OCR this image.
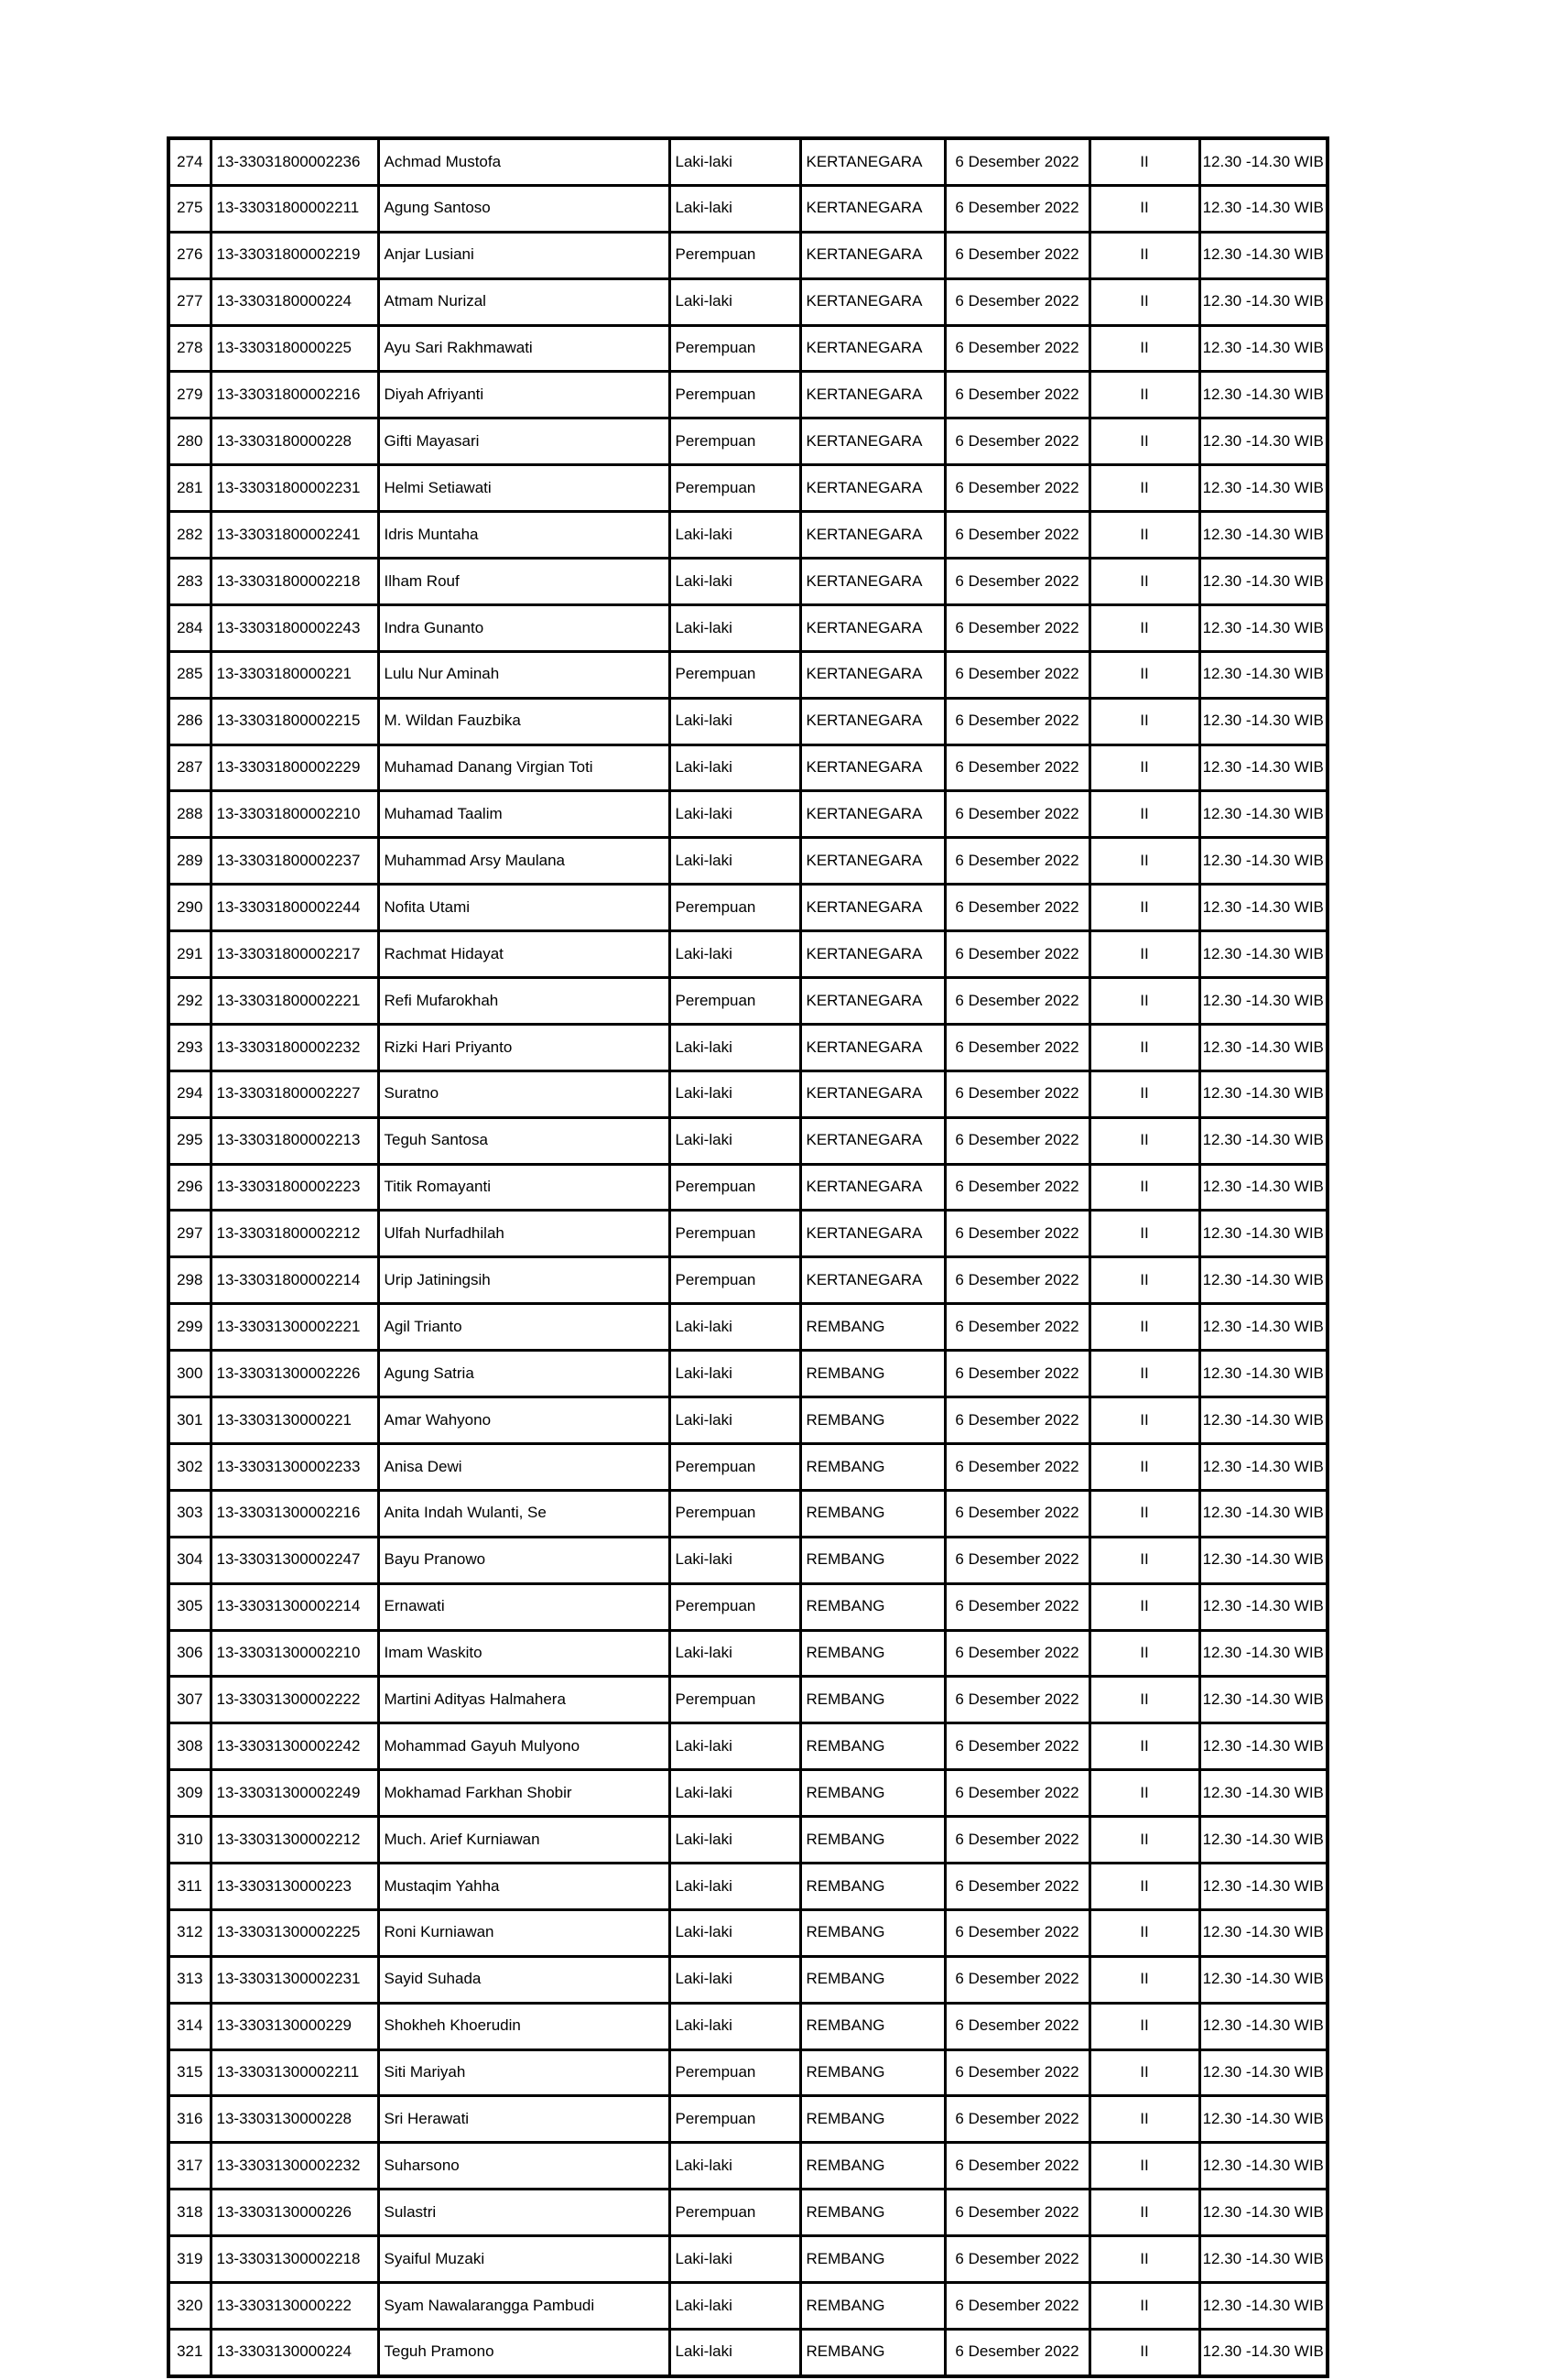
274	13-33031800002236	Achmad Mustofa	Laki-laki	KERTANEGARA	6 Desember 2022	II	12.30 -14.30 WIB
275	13-33031800002211	Agung Santoso	Laki-laki	KERTANEGARA	6 Desember 2022	II	12.30 -14.30 WIB
276	13-33031800002219	Anjar Lusiani	Perempuan	KERTANEGARA	6 Desember 2022	II	12.30 -14.30 WIB
277	13-3303180000224	Atmam Nurizal	Laki-laki	KERTANEGARA	6 Desember 2022	II	12.30 -14.30 WIB
278	13-3303180000225	Ayu Sari Rakhmawati	Perempuan	KERTANEGARA	6 Desember 2022	II	12.30 -14.30 WIB
279	13-33031800002216	Diyah Afriyanti	Perempuan	KERTANEGARA	6 Desember 2022	II	12.30 -14.30 WIB
280	13-3303180000228	Gifti Mayasari	Perempuan	KERTANEGARA	6 Desember 2022	II	12.30 -14.30 WIB
281	13-33031800002231	Helmi Setiawati	Perempuan	KERTANEGARA	6 Desember 2022	II	12.30 -14.30 WIB
282	13-33031800002241	Idris Muntaha	Laki-laki	KERTANEGARA	6 Desember 2022	II	12.30 -14.30 WIB
283	13-33031800002218	Ilham Rouf	Laki-laki	KERTANEGARA	6 Desember 2022	II	12.30 -14.30 WIB
284	13-33031800002243	Indra Gunanto	Laki-laki	KERTANEGARA	6 Desember 2022	II	12.30 -14.30 WIB
285	13-3303180000221	Lulu Nur Aminah	Perempuan	KERTANEGARA	6 Desember 2022	II	12.30 -14.30 WIB
286	13-33031800002215	M. Wildan Fauzbika	Laki-laki	KERTANEGARA	6 Desember 2022	II	12.30 -14.30 WIB
287	13-33031800002229	Muhamad Danang Virgian Toti	Laki-laki	KERTANEGARA	6 Desember 2022	II	12.30 -14.30 WIB
288	13-33031800002210	Muhamad Taalim	Laki-laki	KERTANEGARA	6 Desember 2022	II	12.30 -14.30 WIB
289	13-33031800002237	Muhammad Arsy Maulana	Laki-laki	KERTANEGARA	6 Desember 2022	II	12.30 -14.30 WIB
290	13-33031800002244	Nofita Utami	Perempuan	KERTANEGARA	6 Desember 2022	II	12.30 -14.30 WIB
291	13-33031800002217	Rachmat Hidayat	Laki-laki	KERTANEGARA	6 Desember 2022	II	12.30 -14.30 WIB
292	13-33031800002221	Refi Mufarokhah	Perempuan	KERTANEGARA	6 Desember 2022	II	12.30 -14.30 WIB
293	13-33031800002232	Rizki Hari Priyanto	Laki-laki	KERTANEGARA	6 Desember 2022	II	12.30 -14.30 WIB
294	13-33031800002227	Suratno	Laki-laki	KERTANEGARA	6 Desember 2022	II	12.30 -14.30 WIB
295	13-33031800002213	Teguh Santosa	Laki-laki	KERTANEGARA	6 Desember 2022	II	12.30 -14.30 WIB
296	13-33031800002223	Titik Romayanti	Perempuan	KERTANEGARA	6 Desember 2022	II	12.30 -14.30 WIB
297	13-33031800002212	Ulfah Nurfadhilah	Perempuan	KERTANEGARA	6 Desember 2022	II	12.30 -14.30 WIB
298	13-33031800002214	Urip Jatiningsih	Perempuan	KERTANEGARA	6 Desember 2022	II	12.30 -14.30 WIB
299	13-33031300002221	Agil Trianto	Laki-laki	REMBANG	6 Desember 2022	II	12.30 -14.30 WIB
300	13-33031300002226	Agung Satria	Laki-laki	REMBANG	6 Desember 2022	II	12.30 -14.30 WIB
301	13-3303130000221	Amar Wahyono	Laki-laki	REMBANG	6 Desember 2022	II	12.30 -14.30 WIB
302	13-33031300002233	Anisa Dewi	Perempuan	REMBANG	6 Desember 2022	II	12.30 -14.30 WIB
303	13-33031300002216	Anita Indah Wulanti, Se	Perempuan	REMBANG	6 Desember 2022	II	12.30 -14.30 WIB
304	13-33031300002247	Bayu Pranowo	Laki-laki	REMBANG	6 Desember 2022	II	12.30 -14.30 WIB
305	13-33031300002214	Ernawati	Perempuan	REMBANG	6 Desember 2022	II	12.30 -14.30 WIB
306	13-33031300002210	Imam Waskito	Laki-laki	REMBANG	6 Desember 2022	II	12.30 -14.30 WIB
307	13-33031300002222	Martini Adityas Halmahera	Perempuan	REMBANG	6 Desember 2022	II	12.30 -14.30 WIB
308	13-33031300002242	Mohammad Gayuh Mulyono	Laki-laki	REMBANG	6 Desember 2022	II	12.30 -14.30 WIB
309	13-33031300002249	Mokhamad Farkhan Shobir	Laki-laki	REMBANG	6 Desember 2022	II	12.30 -14.30 WIB
310	13-33031300002212	Much. Arief Kurniawan	Laki-laki	REMBANG	6 Desember 2022	II	12.30 -14.30 WIB
311	13-3303130000223	Mustaqim Yahha	Laki-laki	REMBANG	6 Desember 2022	II	12.30 -14.30 WIB
312	13-33031300002225	Roni Kurniawan	Laki-laki	REMBANG	6 Desember 2022	II	12.30 -14.30 WIB
313	13-33031300002231	Sayid Suhada	Laki-laki	REMBANG	6 Desember 2022	II	12.30 -14.30 WIB
314	13-3303130000229	Shokheh Khoerudin	Laki-laki	REMBANG	6 Desember 2022	II	12.30 -14.30 WIB
315	13-33031300002211	Siti Mariyah	Perempuan	REMBANG	6 Desember 2022	II	12.30 -14.30 WIB
316	13-3303130000228	Sri Herawati	Perempuan	REMBANG	6 Desember 2022	II	12.30 -14.30 WIB
317	13-33031300002232	Suharsono	Laki-laki	REMBANG	6 Desember 2022	II	12.30 -14.30 WIB
318	13-3303130000226	Sulastri	Perempuan	REMBANG	6 Desember 2022	II	12.30 -14.30 WIB
319	13-33031300002218	Syaiful Muzaki	Laki-laki	REMBANG	6 Desember 2022	II	12.30 -14.30 WIB
320	13-3303130000222	Syam Nawalarangga Pambudi	Laki-laki	REMBANG	6 Desember 2022	II	12.30 -14.30 WIB
321	13-3303130000224	Teguh Pramono	Laki-laki	REMBANG	6 Desember 2022	II	12.30 -14.30 WIB
